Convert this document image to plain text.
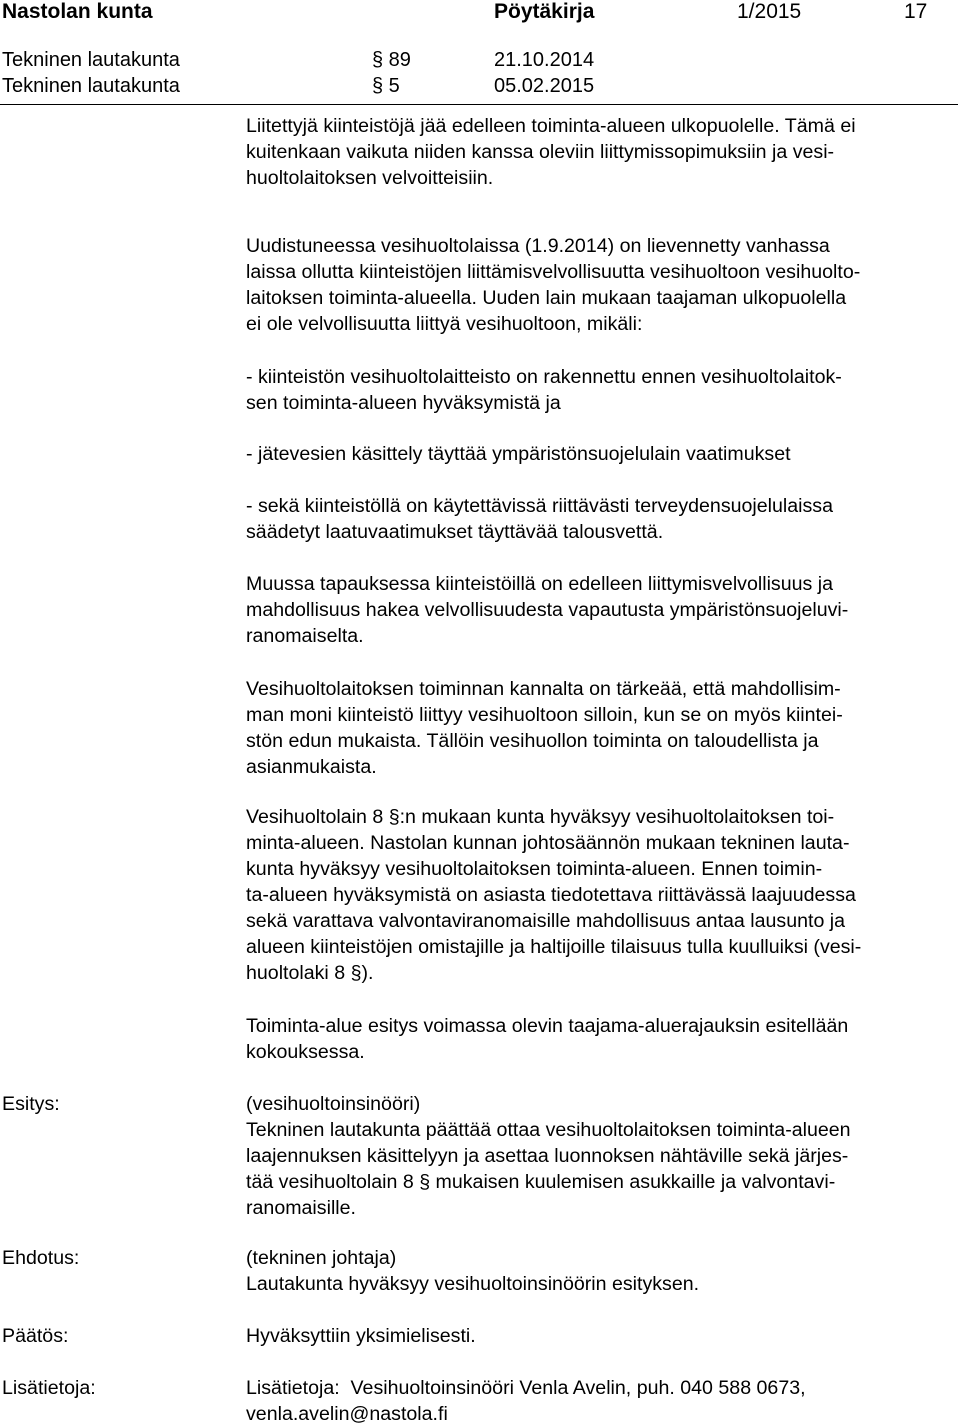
Nastolan kunta	Pöytäkirja	1/2015	17
Tekninen lautakunta	§ 89	21.10.2014
Tekninen lautakunta	§ 5	05.02.2015
Liitettyjä kiinteistöjä jää edelleen toiminta-alueen ulkopuolelle. Tämä ei
kuitenkaan vaikuta niiden kanssa oleviin liittymissopimuksiin ja vesi-
huoltolaitoksen velvoitteisiin.
Uudistuneessa vesihuoltolaissa (1.9.2014) on lievennetty vanhassa
laissa ollutta kiinteistöjen liittämisvelvollisuutta vesihuoltoon vesihuolto-
laitoksen toiminta-alueella. Uuden lain mukaan taajaman ulkopuolella
ei ole velvollisuutta liittyä vesihuoltoon, mikäli:
- kiinteistön vesihuoltolaitteisto on rakennettu ennen vesihuoltolaitok-
sen toiminta-alueen hyväksymistä ja
- jätevesien käsittely täyttää ympäristönsuojelulain vaatimukset
- sekä kiinteistöllä on käytettävissä riittävästi terveydensuojelulaissa
säädetyt laatuvaatimukset täyttävää talousvettä.
Muussa tapauksessa kiinteistöillä on edelleen liittymisvelvollisuus ja
mahdollisuus hakea velvollisuudesta vapautusta ympäristönsuojeluvi-
ranomaiselta.
Vesihuoltolaitoksen toiminnan kannalta on tärkeää, että mahdollisim-
man moni kiinteistö liittyy vesihuoltoon silloin, kun se on myös kiintei-
stön edun mukaista. Tällöin vesihuollon toiminta on taloudellista ja
asianmukaista.
Vesihuoltolain 8 §:n mukaan kunta hyväksyy vesihuoltolaitoksen toi-
minta-alueen. Nastolan kunnan johtosäännön mukaan tekninen lauta-
kunta hyväksyy vesihuoltolaitoksen toiminta-alueen. Ennen toimin-
ta-alueen hyväksymistä on asiasta tiedotettava riittävässä laajuudessa
sekä varattava valvontaviranomaisille mahdollisuus antaa lausunto ja
alueen kiinteistöjen omistajille ja haltijoille tilaisuus tulla kuulluiksi (vesi-
huoltolaki 8 §).
Toiminta-alue esitys voimassa olevin taajama-aluerajauksin esitellään
kokouksessa.
Esitys:	(vesihuoltoinsinööri)
Tekninen lautakunta päättää ottaa vesihuoltolaitoksen toiminta-alueen
laajennuksen käsittelyyn ja asettaa luonnoksen nähtäville sekä järjes-
tää vesihuoltolain 8 § mukaisen kuulemisen asukkaille ja valvontavi-
ranomaisille.
Ehdotus:	(tekninen johtaja)
Lautakunta hyväksyy vesihuoltoinsinöörin esityksen.
Päätös:	Hyväksyttiin yksimielisesti.
Lisätietoja:	Lisätietoja:  Vesihuoltoinsinööri Venla Avelin, puh. 040 588 0673,
venla.avelin@nastola.fi
